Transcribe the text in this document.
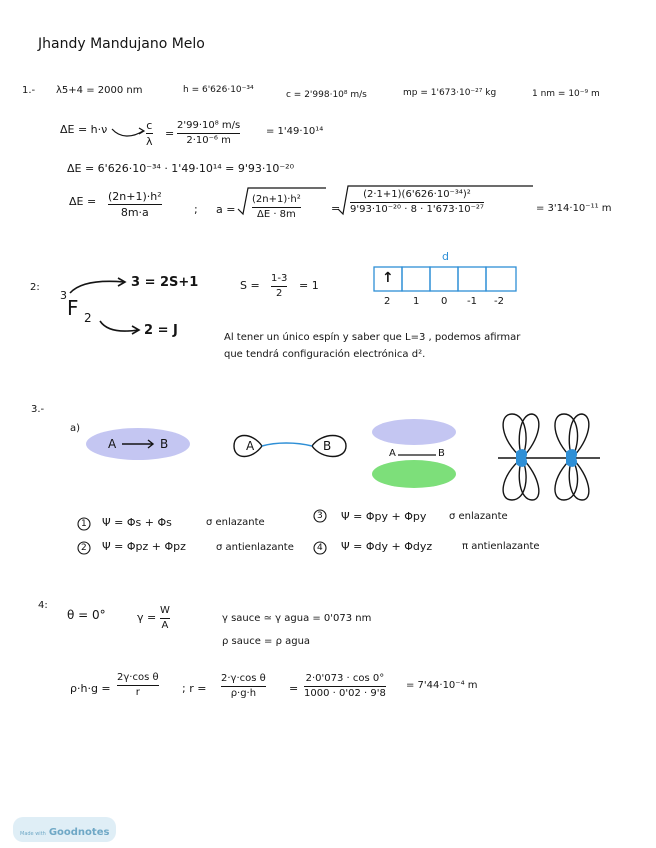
Jhandy Mandujano Melo
1.- λ5+4 = 2000 nm	h = 6'626·10⁻³⁴	c = 2'998·10⁸ m/s	mp = 1'673·10⁻²⁷ kg	1 nm = 10⁻⁹ m
ΔE = h·ν	c
λ
=
2'99·10⁸ m/s
2·10⁻⁶ m
= 1'49·10¹⁴
ΔE = 6'626·10⁻³⁴ · 1'49·10¹⁴ = 9'93·10⁻²⁰
ΔE = (2n+1)·h²
8m·a	; a =
(2n+1)·h²
ΔE · 8m	=
(2·1+1)(6'626·10⁻³⁴)²
9'93·10⁻²⁰ · 8 · 1'673·10⁻²⁷	= 3'14·10⁻¹¹ m
2:
3
F 2
3 = 2S+1
2 = J
S =
1-3
2
= 1
d
↑
2 1 0 -1 -2
Al tener un único espín y saber que L=3 , podemos afirmar
que tendrá configuración electrónica d².
3.-
a)
A	B	A	B
A	B
1 Ψ = Φs + Φs	σ enlazante
2 Ψ = Φpz + Φpz	σ antienlazante
3 Ψ = Φpy + Φpy σ enlazante
4 Ψ = Φdy + Φdyz	π antienlazante
4:
θ = 0°	γ =
W
A
γ sauce ≃ γ agua = 0'073 nm
ρ sauce = ρ agua
ρ·h·g =
2γ·cos θ
r	; r =
2·γ·cos θ
ρ·g·h	=
2·0'073 · cos 0°
1000 · 0'02 · 9'8
= 7'44·10⁻⁴ m
Made with Goodnotes
